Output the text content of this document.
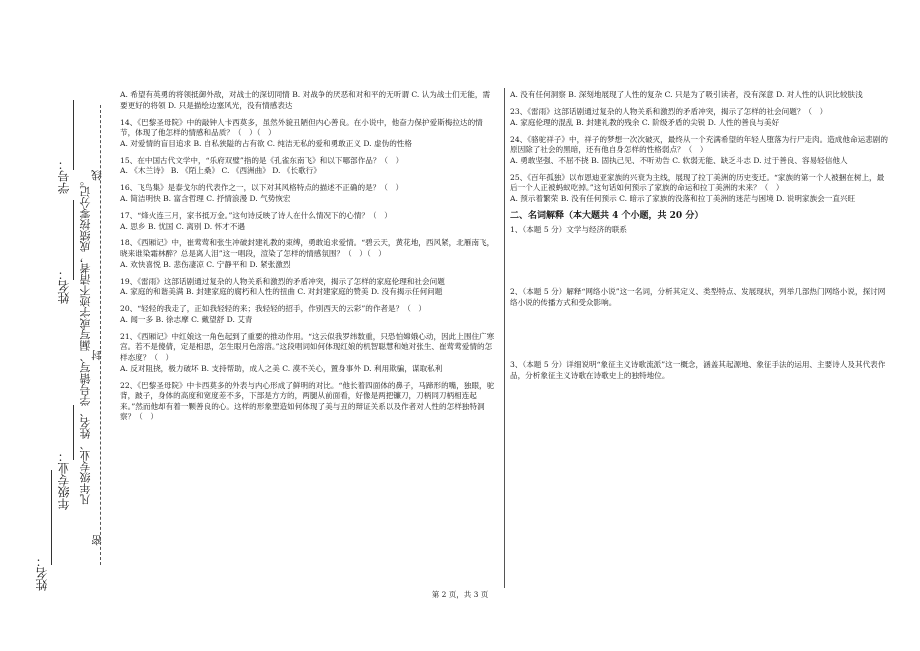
学号：
姓名：
年级专业： 凡年级专业、姓名、学号错写、漏写或字迹不清者，成绩按零分记。
密
封
线
姓名：

A. 希望有英勇的将领抵御外敌，对战士的深切同情 B. 对战争的厌恶和对和平的无听谓 C. 认为战士们无能，需要更好的将领 D. 只是描绘边塞风光，没有情感表达

14、《巴黎圣母院》中的敲钟人卡西莫多，虽然外貌丑陋但内心善良。在小说中，他奋力保护爱斯梅拉达的情节，体现了他怎样的情感和品质？（　）（　）
A. 对爱情的盲目追求 B. 自私狭隘的占有欲 C. 纯洁无私的爱和勇敢正义 D. 虚伪的性格

15、在中国古代文学中，“乐府双璧”指的是《孔雀东南飞》和以下哪部作品？（　）
A. 《木兰诗》 B. 《陌上桑》 C. 《西洲曲》 D. 《长歌行》

16、飞鸟集》是泰戈尔的代表作之一，以下对其风格特点的描述不正确的是？（　）
A. 简洁明快 B. 富含哲理 C. 抒情浪漫 D. 气势恢宏

17、“烽火连三月，家书抵万金。”这句诗反映了诗人在什么情况下的心情？（　）
A. 思乡 B. 忧国 C. 离别 D. 怀才不遇

18、《西厢记》中，崔莺莺和张生冲破封建礼教的束缚，勇敢追求爱情。“碧云天，黄花地，西风紧，北雁南飞，晓来谁染霜林醉？总是离人泪”这一唱段，渲染了怎样的情感氛围？（　）（　）
A. 欢快喜悦 B. 悲伤凄凉 C. 宁静平和 D. 紧张激烈

19、《雷雨》这部话剧通过复杂的人物关系和激烈的矛盾冲突，揭示了怎样的家庭伦理和社会问题
A. 家庭的和谐美满 B. 封建家庭的腐朽和人性的扭曲 C. 对封建家庭的赞美 D. 没有揭示任何问题

20、“轻轻的我走了，正如我轻轻的来；我轻轻的招手，作别西天的云彩”的作者是？（　）
A. 闻一多 B. 徐志摩 C. 戴望舒 D. 艾青

21、《西厢记》中红娘这一角色起到了重要的推动作用。“这云似我罗纬数重，只恐怕嫦娥心动，因此上围住广寒宫。若不是傻倩，定是相思，怎生眼月色溶溶。”这段唱词如何体现红娘的机智聪慧和她对张生、崔莺莺爱情的怎样态度？（　）
A. 反对阻挠，极力破坏 B. 支持帮助，成人之美 C. 漠不关心，置身事外 D. 利用欺骗，谋取私利

22、《巴黎圣母院》中卡西莫多的外表与内心形成了鲜明的对比。“他长着四面体的鼻子，马蹄形的嘴，独眼，驼背，跛子，身体的高度和宽度差不多，下部是方方的，两腿从前面看，好像是两把镰刀，刀柄同刀柄相连起来。”然而他却有着一颗善良的心。这样的形象塑造如何体现了美与丑的辩证关系以及作者对人性的怎样独特洞察？（　）

A. 没有任何洞察 B. 深刻地展现了人性的复杂 C. 只是为了吸引读者，没有深意 D. 对人性的认识比较肤浅

23、《雷雨》这部话剧通过复杂的人物关系和激烈的矛盾冲突，揭示了怎样的社会问题？（　）
A. 家庭伦理的混乱 B. 封建礼教的残余 C. 阶级矛盾的尖锐 D. 人性的善良与美好

24、《骆驼祥子》中，祥子的梦想一次次破灭，最终从一个充满希望的年轻人堕落为行尸走肉。造成他命运悲剧的原因除了社会的黑暗，还有他自身怎样的性格弱点？（　）
A. 勇敢坚强、不屈不挠 B. 固执己见、不听劝告 C. 软弱无能、缺乏斗志 D. 过于善良、容易轻信他人

25、《百年孤独》以布恩迪亚家族的兴衰为主线，展现了拉丁美洲的历史变迁。“家族的第一个人被捆在树上，最后一个人正被蚂蚁吃掉。”这句话如何预示了家族的命运和拉丁美洲的未来？（　）
A. 预示着繁荣 B. 没有任何预示 C. 暗示了家族的没落和拉丁美洲的迷茫与困境 D. 说明家族会一直兴旺

二、名词解释（本大题共 4 个小题，共 20 分）

1、（本题 5 分）文学与经济的联系

2、（本题 5 分）解释“网络小说”这一名词，分析其定义、类型特点、发展现状，列举几部热门网络小说，探讨网络小说的传播方式和受众影响。

3、（本题 5 分）详细说明“象征主义诗歌流派”这一概念，涵盖其起源地、象征手法的运用、主要诗人及其代表作品，分析象征主义诗歌在诗歌史上的独特地位。

第 2 页，共 3 页
